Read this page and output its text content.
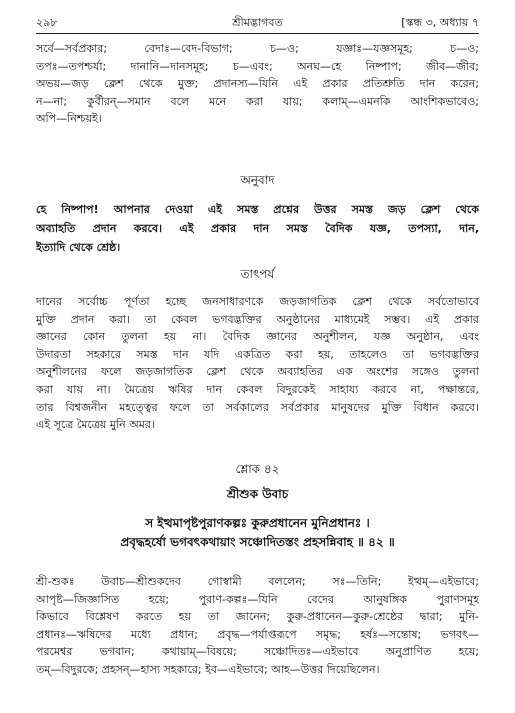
২৯৮	শ্রীমদ্ভাগবত	[স্কন্ধ ৩, অধ্যায় ৭
সর্বে—সর্বপ্রকার; বেদাঃ—বেদ-বিভাগ; চ—ও; যজ্ঞাঃ—যজ্ঞসমূহ; চ—ও;
তপঃ—তপশ্চর্যা; দানানি—দানসমূহ; চ—এবং; অনঘ—হে নিষ্পাপ; জীব—জীব;
অভয়—জড় ক্লেশ থেকে মুক্ত; প্রদানস্য—যিনি এই প্রকার প্রতিশ্রুতি দান করেন;
ন—না; কুর্বীরন্—সমান বলে মনে করা যায়; কলাম্—এমনকি আংশিকভাবেও;
অপি—নিশ্চয়ই।
অনুবাদ
হে নিষ্পাপ! আপনার দেওয়া এই সমস্ত প্রশ্নের উত্তর সমস্ত জড় ক্লেশ থেকে
অব্যাহতি প্রদান করবে। এই প্রকার দান সমস্ত বৈদিক যজ্ঞ, তপস্যা, দান,
ইত্যাদি থেকে শ্রেষ্ঠ।
তাৎপর্য
দানের সর্বোচ্চ পূর্ণতা হচ্ছে জনসাধারণকে জড়জাগতিক ক্লেশ থেকে সর্বতোভাবে
মুক্তি প্রদান করা। তা কেবল ভগবদ্ভক্তির অনুষ্ঠানের মাধ্যমেই সম্ভব। এই প্রকার
জ্ঞানের কোন তুলনা হয় না। বৈদিক জ্ঞানের অনুশীলন, যজ্ঞ অনুষ্ঠান, এবং
উদারতা সহকারে সমস্ত দান যদি একত্রিত করা হয়, তাহলেও তা ভগবদ্ভক্তির
অনুশীলনের ফলে জড়জাগতিক ক্লেশ থেকে অব্যাহতির এক অংশের সঙ্গেও তুলনা
করা যায় না। মৈত্রেয় ঋষির দান কেবল বিদুরকেই সাহায্য করবে না, পক্ষান্তরে,
তার বিশ্বজনীন মহত্ত্বের ফলে তা সর্বকালের সর্বপ্রকার মানুষদের মুক্তি বিধান করবে।
এই সূত্রে মৈত্রেয় মুনি অমর।
শ্লোক ৪২
শ্রীশুক উবাচ
স ইত্থমাপৃষ্টপুরাণকল্পঃ কুরুপ্রধানেন মুনিপ্রধানঃ ।
প্রবৃদ্ধহর্ষো ভগবৎকথায়াং সঞ্চোদিতস্তং প্রহসন্নিবাহ ॥ ৪২ ॥
শ্রী-শুকঃ উবাচ—শ্রীশুকদেব গোস্বামী বললেন; সঃ—তিনি; ইত্থম্—এইভাবে;
আপৃষ্ট—জিজ্ঞাসিত হয়ে; পুরাণ-কল্পঃ—যিনি বেদের আনুষঙ্গিক পুরাণসমূহ
কিভাবে বিশ্লেষণ করতে হয় তা জানেন; কুরু-প্রধানেন—কুরু-শ্রেষ্ঠের দ্বারা; মুনি-
প্রধানঃ—ঋষিদের মধ্যে প্রধান; প্রবৃদ্ধ—পর্যাপ্তরূপে সমৃদ্ধ; হর্ষঃ—সন্তোষ; ভগবৎ—
পরমেশ্বর ভগবান; কথায়াম্—বিষয়ে; সঞ্চোদিতঃ—এইভাবে অনুপ্রাণিত হয়ে;
তম্—বিদুরকে; প্রহসন্—হাস্য সহকারে; ইব—এইভাবে; আহ—উত্তর দিয়েছিলেন।
